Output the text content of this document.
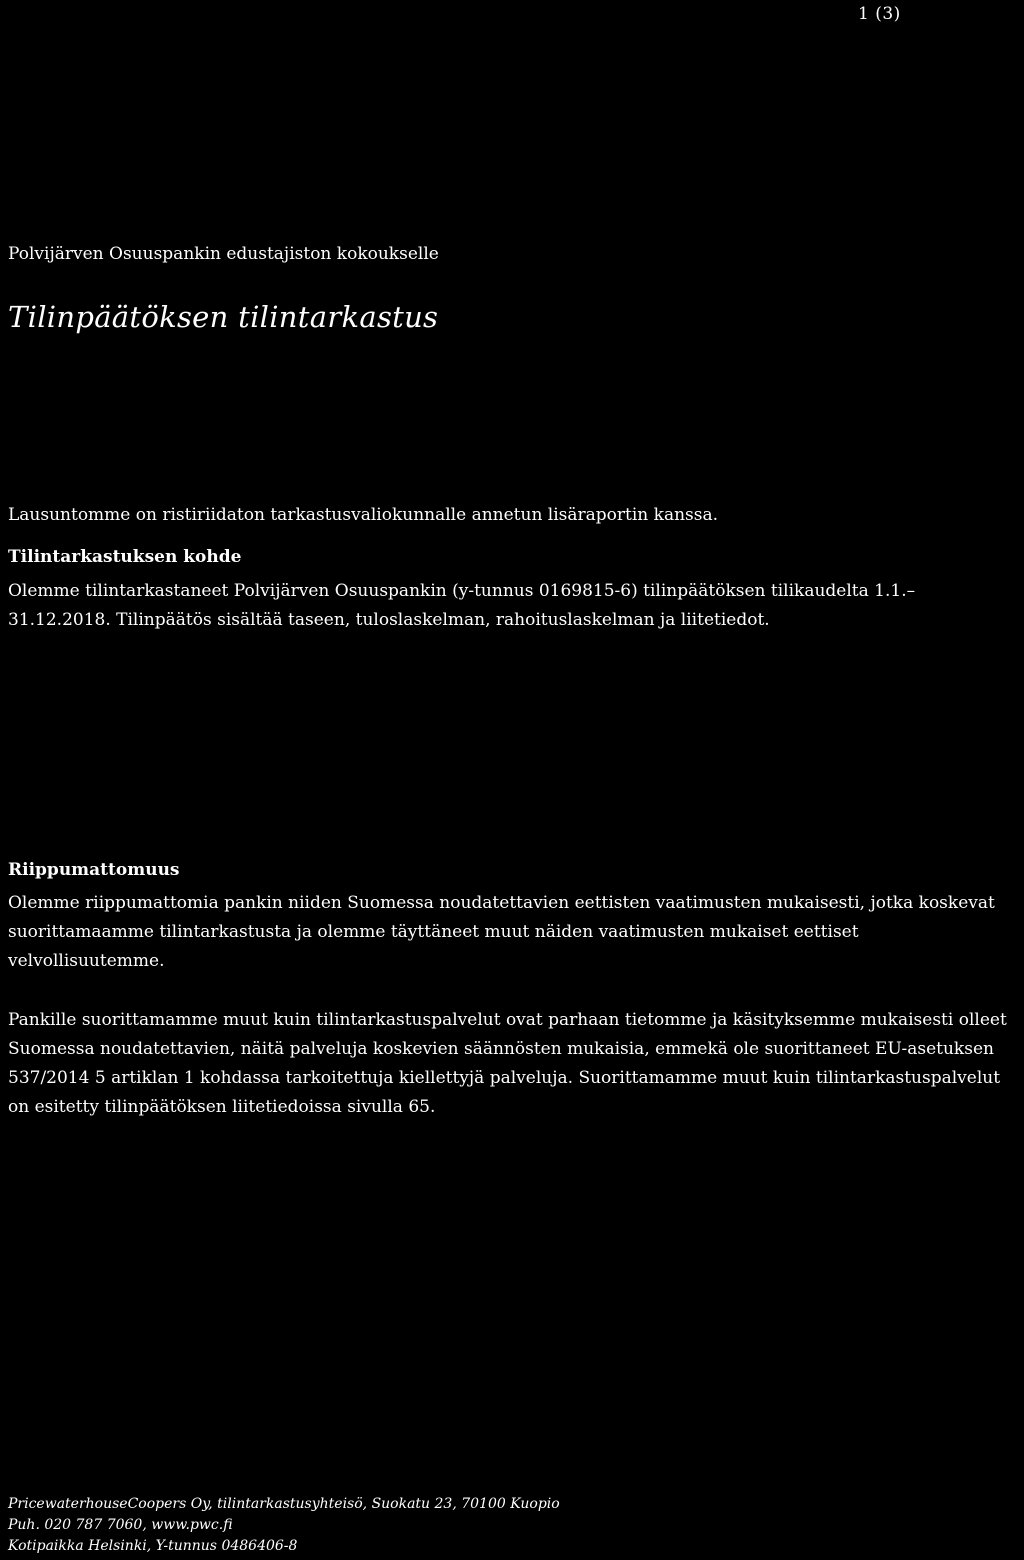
1 (3)
Polvijärven Osuuspankin edustajiston kokoukselle
Tilinpäätöksen tilintarkastus

Lausuntomme on ristiriidaton tarkastusvaliokunnalle annetun lisäraportin kanssa.

Tilintarkastuksen kohde

Olemme tilintarkastaneet Polvijärven Osuuspankin (y-tunnus 0169815-6) tilinpäätöksen tilikaudelta 1.1.–31.12.2018. Tilinpäätös sisältää taseen, tuloslaskelman, rahoituslaskelman ja liitetiedot.

Riippumattomuus

Olemme riippumattomia pankin niiden Suomessa noudatettavien eettisten vaatimusten mukaisesti, jotka koskevat suorittamaamme tilintarkastusta ja olemme täyttäneet muut näiden vaatimusten mukaiset eettiset velvollisuutemme.

Pankille suorittamamme muut kuin tilintarkastuspalvelut ovat parhaan tietomme ja käsityksemme mukaisesti olleet Suomessa noudatettavien, näitä palveluja koskevien säännösten mukaisia, emmekä ole suorittaneet EU-asetuksen 537/2014 5 artiklan 1 kohdassa tarkoitettuja kiellettyjä palveluja. Suorittamamme muut kuin tilintarkastuspalvelut on esitetty tilinpäätöksen liitetiedoissa sivulla 65.

PricewaterhouseCoopers Oy, tilintarkastusyhteisö, Suokatu 23, 70100 Kuopio
Puh. 020 787 7060, www.pwc.fi
Kotipaikka Helsinki, Y-tunnus 0486406-8
